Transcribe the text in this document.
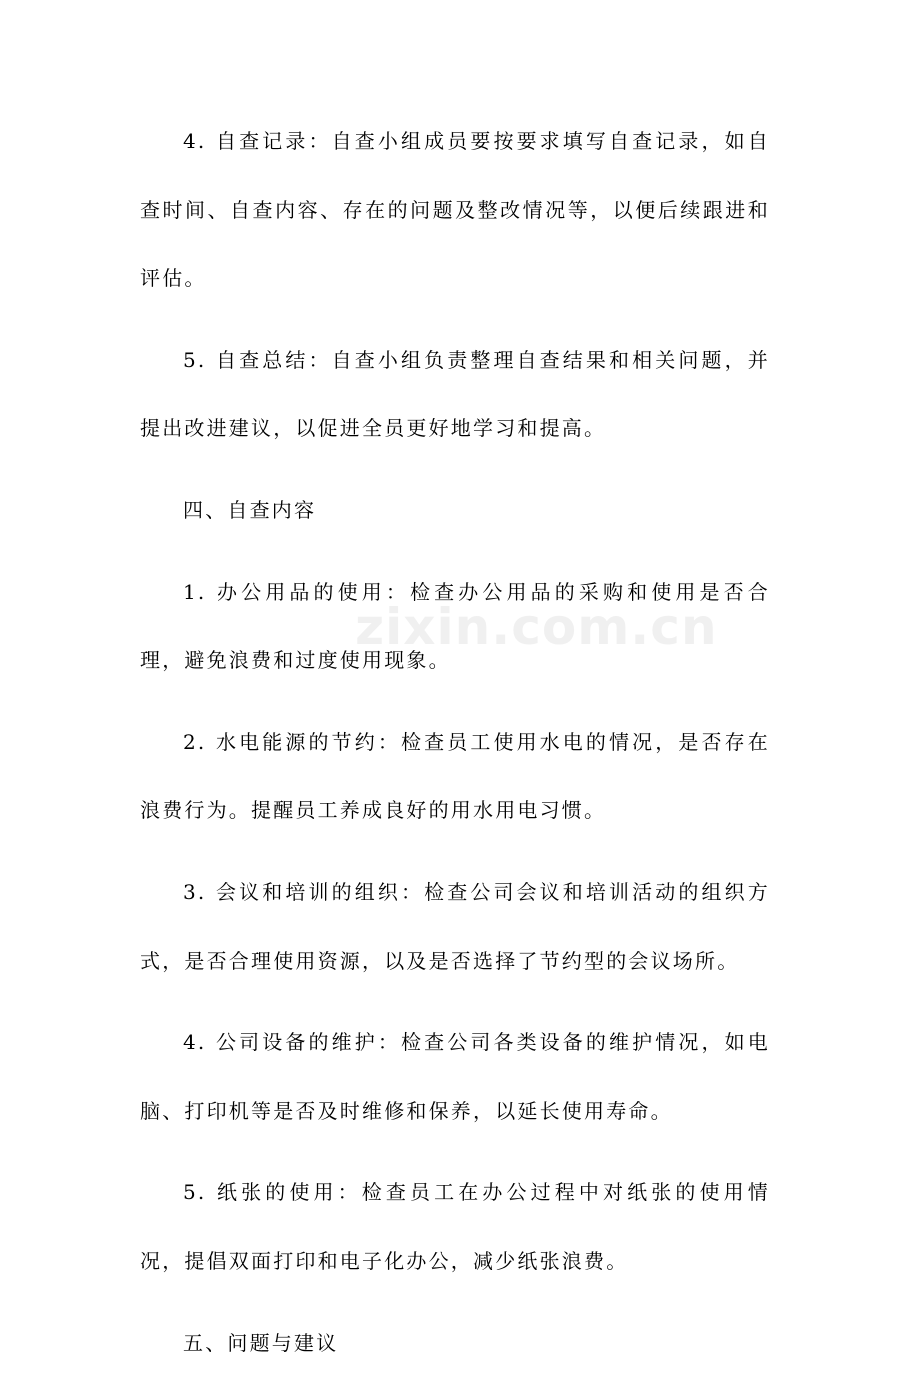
4. 自查记录：自查小组成员要按要求填写自查记录，如自查时间、自查内容、存在的问题及整改情况等，以便后续跟进和评估。

5. 自查总结：自查小组负责整理自查结果和相关问题，并提出改进建议，以促进全员更好地学习和提高。

四、自查内容

1. 办公用品的使用：检查办公用品的采购和使用是否合理，避免浪费和过度使用现象。

2. 水电能源的节约：检查员工使用水电的情况，是否存在浪费行为。提醒员工养成良好的用水用电习惯。

3. 会议和培训的组织：检查公司会议和培训活动的组织方式，是否合理使用资源，以及是否选择了节约型的会议场所。

4. 公司设备的维护：检查公司各类设备的维护情况，如电脑、打印机等是否及时维修和保养，以延长使用寿命。

5. 纸张的使用：检查员工在办公过程中对纸张的使用情况，提倡双面打印和电子化办公，减少纸张浪费。

五、问题与建议

zixin.com.cn
